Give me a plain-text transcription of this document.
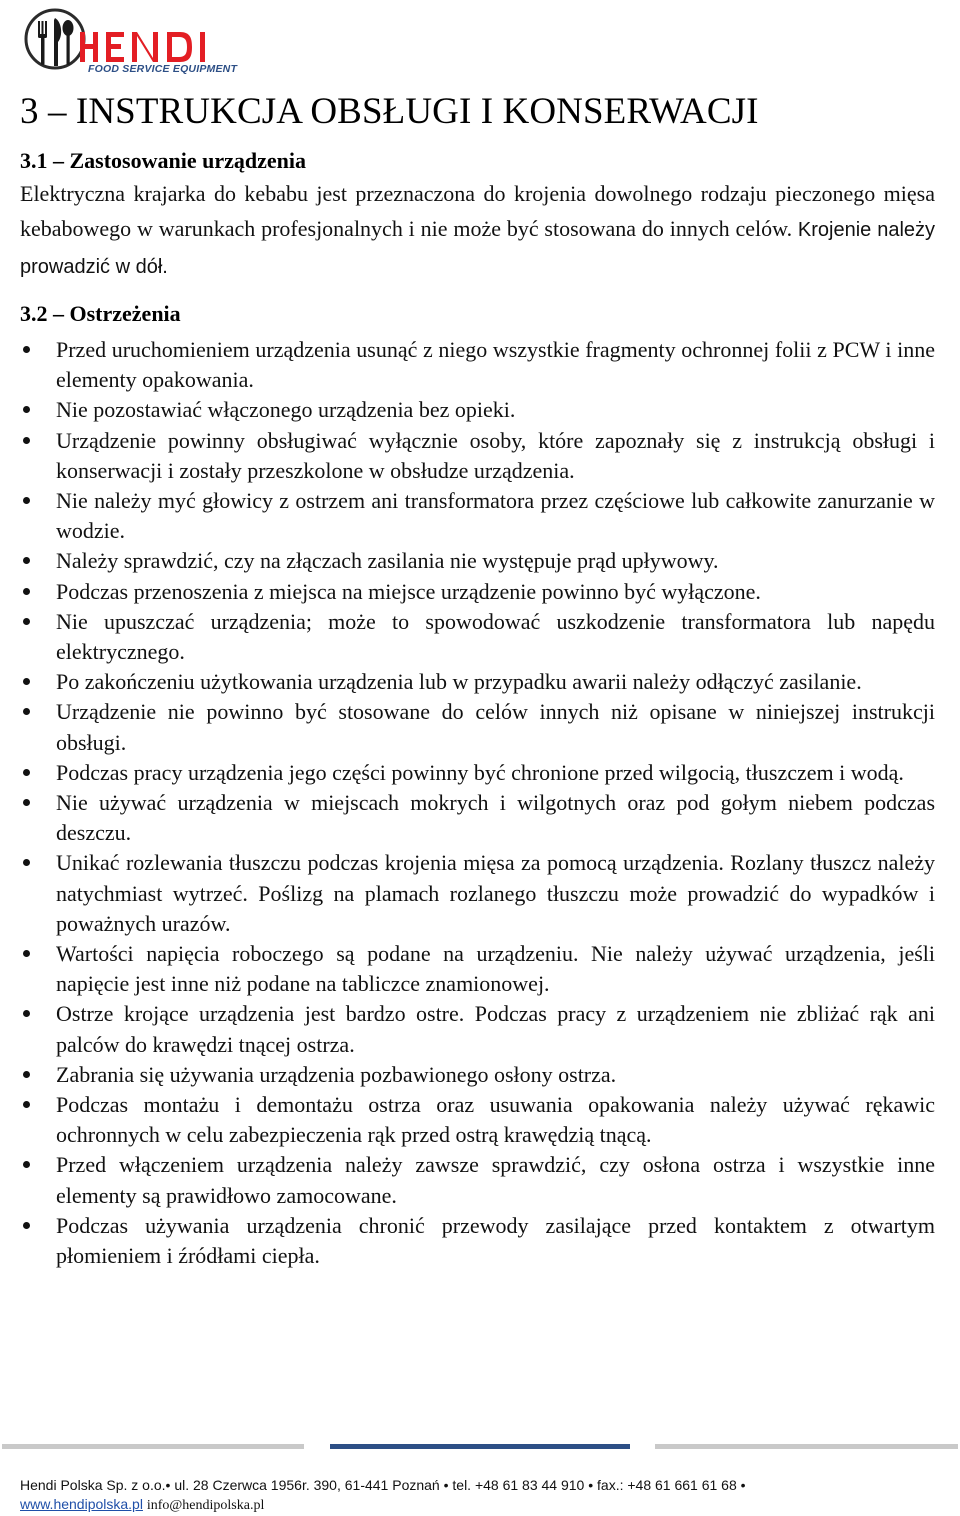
FOOD SERVICE EQUIPMENT
3 – INSTRUKCJA OBSŁUGI I KONSERWACJI
3.1 – Zastosowanie urządzenia

Elektryczna krajarka do kebabu jest przeznaczona do krojenia dowolnego rodzaju pieczonego mięsa kebabowego w warunkach profesjonalnych i nie może być stosowana do innych celów. Krojenie należy prowadzić w dół.

3.2 – Ostrzeżenia
Przed uruchomieniem urządzenia usunąć z niego wszystkie fragmenty ochronnej folii z PCW i inne elementy opakowania.
Nie pozostawiać włączonego urządzenia bez opieki.
Urządzenie powinny obsługiwać wyłącznie osoby, które zapoznały się z instrukcją obsługi i konserwacji i zostały przeszkolone w obsłudze urządzenia.
Nie należy myć głowicy z ostrzem ani transformatora przez częściowe lub całkowite zanurzanie w wodzie.
Należy sprawdzić, czy na złączach zasilania nie występuje prąd upływowy.
Podczas przenoszenia z miejsca na miejsce urządzenie powinno być wyłączone.
Nie upuszczać urządzenia; może to spowodować uszkodzenie transformatora lub napędu elektrycznego.
Po zakończeniu użytkowania urządzenia lub w przypadku awarii należy odłączyć zasilanie.
Urządzenie nie powinno być stosowane do celów innych niż opisane w niniejszej instrukcji obsługi.
Podczas pracy urządzenia jego części powinny być chronione przed wilgocią, tłuszczem i wodą.
Nie używać urządzenia w miejscach mokrych i wilgotnych oraz pod gołym niebem podczas deszczu.
Unikać rozlewania tłuszczu podczas krojenia mięsa za pomocą urządzenia. Rozlany tłuszcz należy natychmiast wytrzeć. Poślizg na plamach rozlanego tłuszczu może prowadzić do wypadków i poważnych urazów.
Wartości napięcia roboczego są podane na urządzeniu. Nie należy używać urządzenia, jeśli napięcie jest inne niż podane na tabliczce znamionowej.
Ostrze krojące urządzenia jest bardzo ostre. Podczas pracy z urządzeniem nie zbliżać rąk ani palców do krawędzi tnącej ostrza.
Zabrania się używania urządzenia pozbawionego osłony ostrza.
Podczas montażu i demontażu ostrza oraz usuwania opakowania należy używać rękawic ochronnych w celu zabezpieczenia rąk przed ostrą krawędzią tnącą.
Przed włączeniem urządzenia należy zawsze sprawdzić, czy osłona ostrza i wszystkie inne elementy są prawidłowo zamocowane.
Podczas używania urządzenia chronić przewody zasilające przed kontaktem z otwartym płomieniem i źródłami ciepła.
Hendi Polska Sp. z o.o.• ul. 28 Czerwca 1956r. 390, 61-441 Poznań • tel. +48 61 83 44 910 • fax.: +48 61 661 61 68 •
www.hendipolska.pl info@hendipolska.pl
